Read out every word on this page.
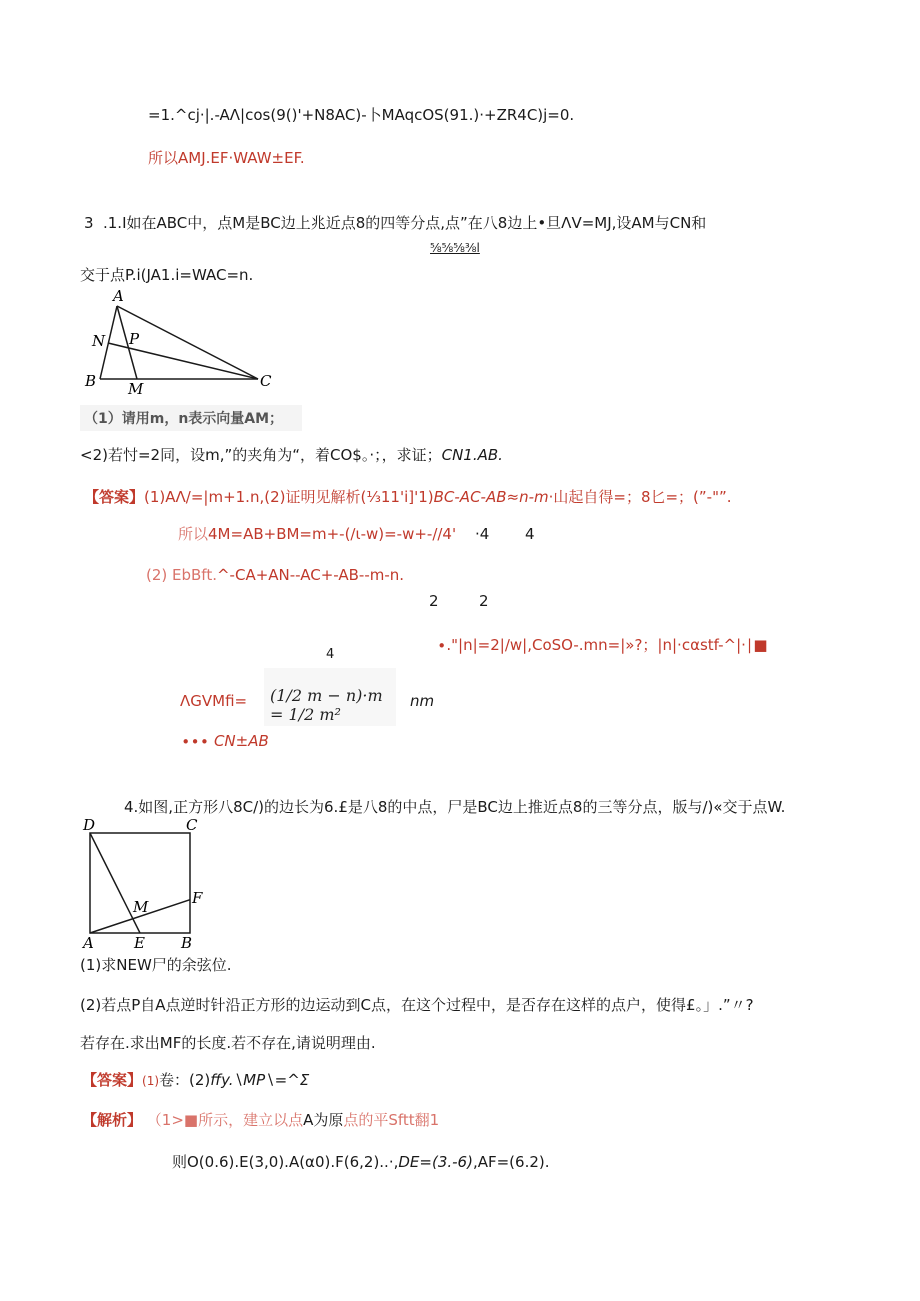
=1.^cj·|.-AΛ|cos(9()'+N8AC)-卜MAqcOS(91.)·+ZR4C)j=0.
所以AMJ.EF·WAW±EF.
3 .1.I如在ABC中，点M是BC边上兆近点8的四等分点,点”在八8边上•旦ΛV=MJ,设AM与CN和
⅝⅝⅝⅜l
交于点P.i(JA1.i=WAC=n.
A
N P
B M	C
（1）请用m，n表示向量AM；
<2)若忖=2同，设m,”的夹角为“，着CO$。·；，求证；CN1.AB.
【答案】(1)AΛ/=|m+1.n,(2)证明见解析(⅓11'i]'1)BC-AC-AB≈n-m·山起自得=；8匕=；(”-"”.
所以4M=AB+BM=m+-(∕ι-w)=-w+-//4' ·4 4
(2) EbBft.^-CA+AN--AC+-AB--m-n.
2	2
∙."|n|=2|∕w|,CoSO-.mn=|»?；|n|·cαstf-^|·∣■
4
ΛGVMfi= (1/2 m − n)·m = 1/2 m²
nm
∙∙∙ CN±AB
4.如图,正方形八8C/)的边长为6.£是八8的中点，尸是BC边上推近点8的三等分点，版与/)«交于点W.
D	C
M	F
A	E B
(1)求NEW尸的余弦位.
(2)若点P自A点逆时针沿正方形的边运动到C点，在这个过程中，是否存在这样的点户，使得£。」.”〃?
若存在.求出MF的长度.若不存在,请说明理由.
【答案】(1)卷：(2)ffy.∖MP∖=^Σ
【解析】 （1>■所示，建立以点A为原点的平Sftt翻1
则O(0.6).E(3,0).A(α0).F(6,2)..·,DE=(3.-6),AF=(6.2).
